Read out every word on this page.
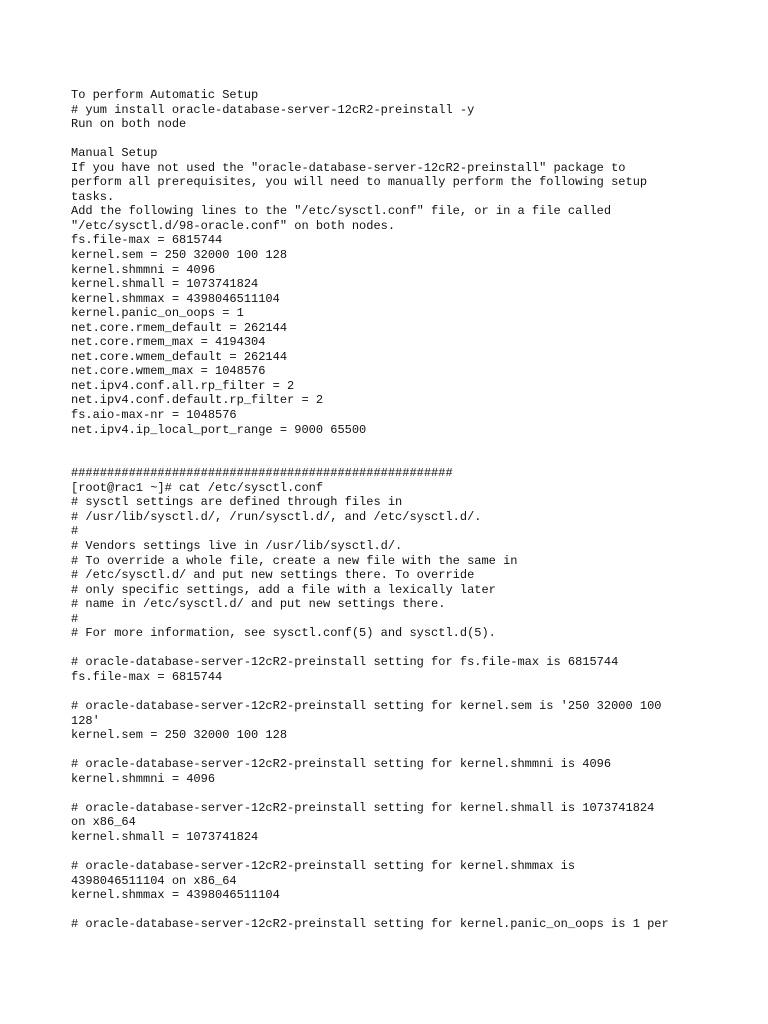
To perform Automatic Setup
# yum install oracle-database-server-12cR2-preinstall -y
Run on both node
Manual Setup
If you have not used the "oracle-database-server-12cR2-preinstall" package to
perform all prerequisites, you will need to manually perform the following setup
tasks.
Add the following lines to the "/etc/sysctl.conf" file, or in a file called
"/etc/sysctl.d/98-oracle.conf" on both nodes.
fs.file-max = 6815744
kernel.sem = 250 32000 100 128
kernel.shmmni = 4096
kernel.shmall = 1073741824
kernel.shmmax = 4398046511104
kernel.panic_on_oops = 1
net.core.rmem_default = 262144
net.core.rmem_max = 4194304
net.core.wmem_default = 262144
net.core.wmem_max = 1048576
net.ipv4.conf.all.rp_filter = 2
net.ipv4.conf.default.rp_filter = 2
fs.aio-max-nr = 1048576
net.ipv4.ip_local_port_range = 9000 65500
#####################################################
[root@rac1 ~]# cat /etc/sysctl.conf
# sysctl settings are defined through files in
# /usr/lib/sysctl.d/, /run/sysctl.d/, and /etc/sysctl.d/.
#
# Vendors settings live in /usr/lib/sysctl.d/.
# To override a whole file, create a new file with the same in
# /etc/sysctl.d/ and put new settings there. To override
# only specific settings, add a file with a lexically later
# name in /etc/sysctl.d/ and put new settings there.
#
# For more information, see sysctl.conf(5) and sysctl.d(5).
# oracle-database-server-12cR2-preinstall setting for fs.file-max is 6815744
fs.file-max = 6815744
# oracle-database-server-12cR2-preinstall setting for kernel.sem is '250 32000 100
128'
kernel.sem = 250 32000 100 128
# oracle-database-server-12cR2-preinstall setting for kernel.shmmni is 4096
kernel.shmmni = 4096
# oracle-database-server-12cR2-preinstall setting for kernel.shmall is 1073741824
on x86_64
kernel.shmall = 1073741824
# oracle-database-server-12cR2-preinstall setting for kernel.shmmax is
4398046511104 on x86_64
kernel.shmmax = 4398046511104
# oracle-database-server-12cR2-preinstall setting for kernel.panic_on_oops is 1 per
